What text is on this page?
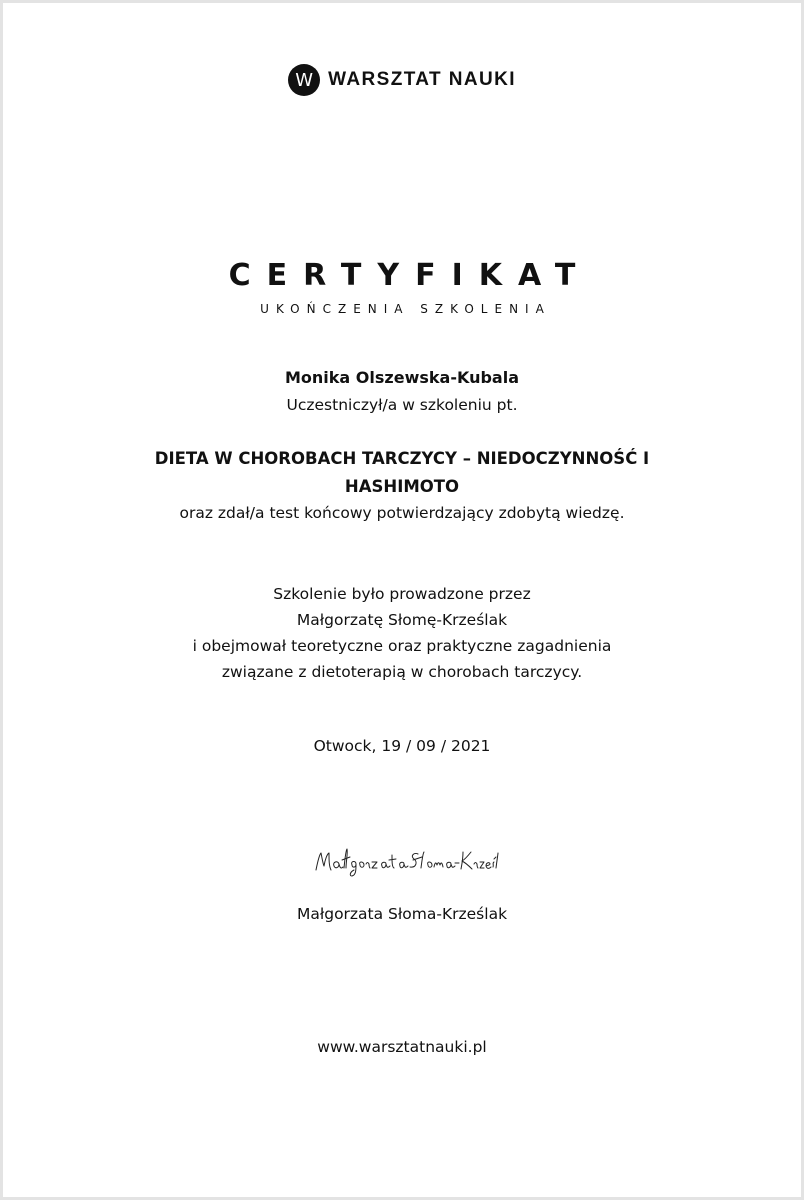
W WARSZTAT NAUKI
CERTYFIKAT
UKOŃCZENIA SZKOLENIA
Monika Olszewska-Kubala
Uczestniczył/a w szkoleniu pt.
DIETA W CHOROBACH TARCZYCY – NIEDOCZYNNOŚĆ I
HASHIMOTO
oraz zdał/a test końcowy potwierdzający zdobytą wiedzę.
Szkolenie było prowadzone przez
Małgorzatę Słomę-Krześlak
i obejmował teoretyczne oraz praktyczne zagadnienia
związane z dietoterapią w chorobach tarczycy.
Otwock, 19 / 09 / 2021
Małgorzata Słoma-Krześlak
www.warsztatnauki.pl
